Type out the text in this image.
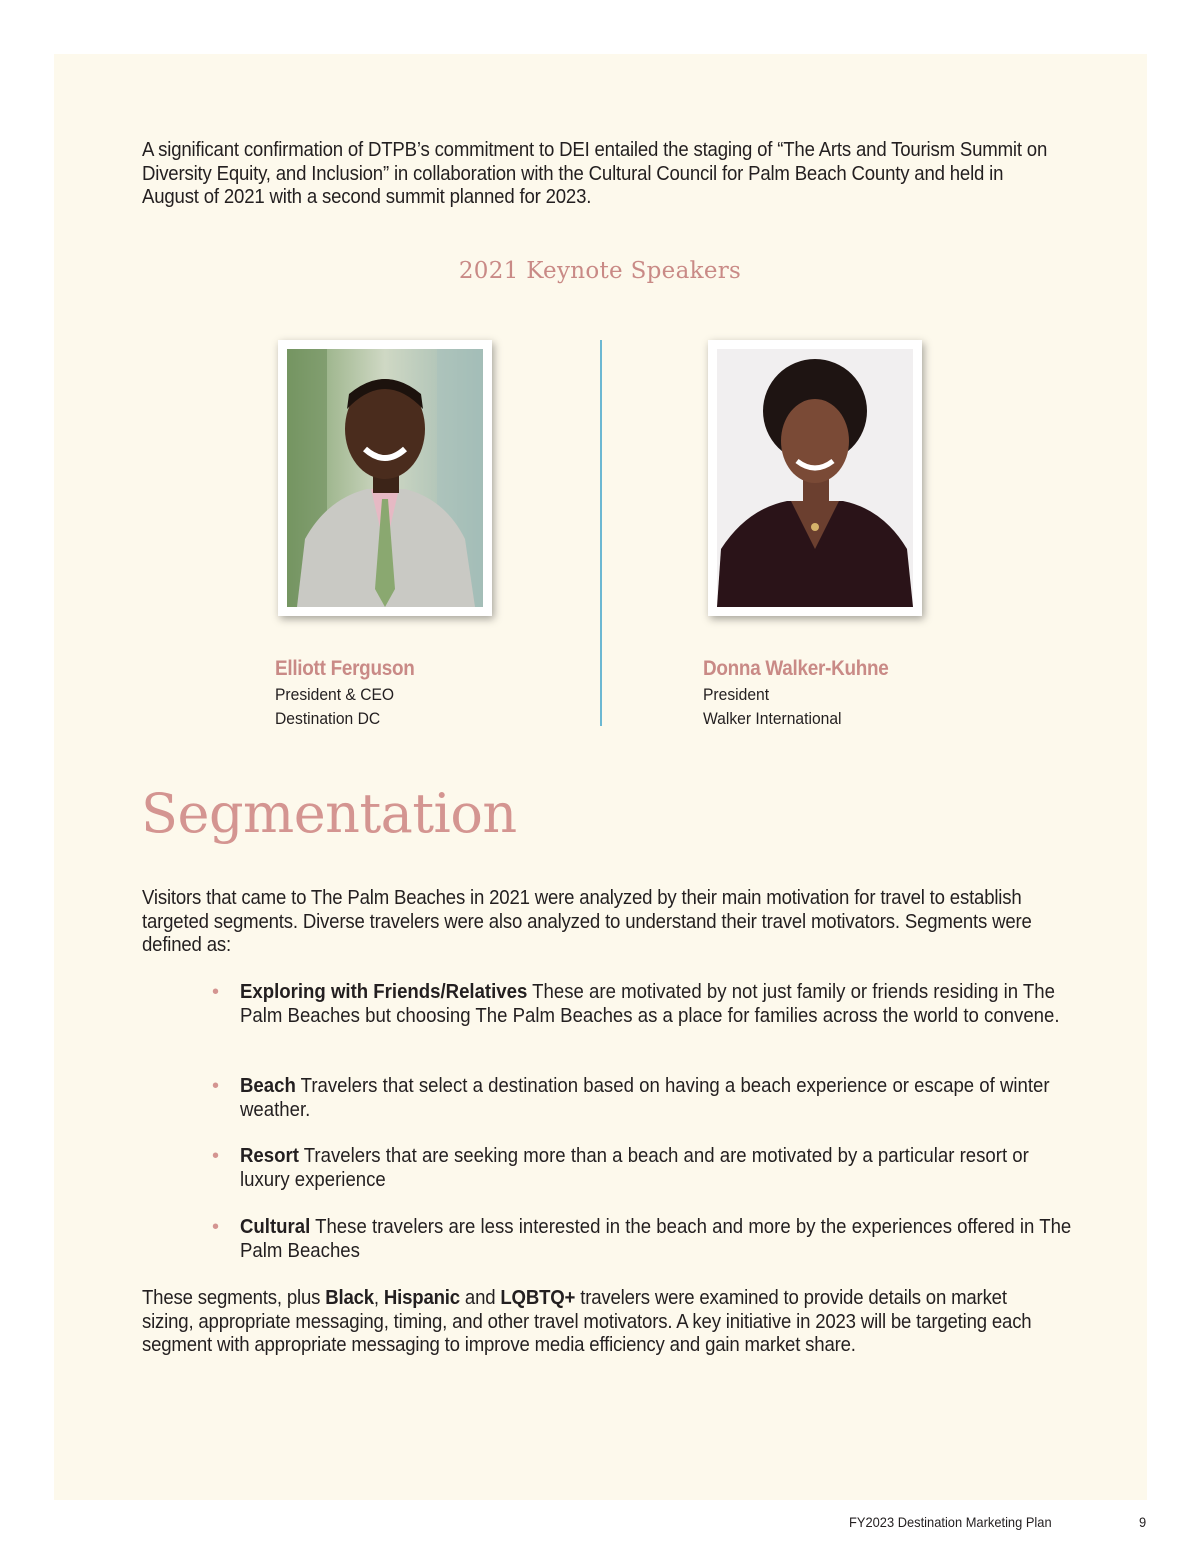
A significant confirmation of DTPB’s commitment to DEI entailed the staging of “The Arts and Tourism Summit on Diversity Equity, and Inclusion” in collaboration with the Cultural Council for Palm Beach County and held in August of 2021 with a second summit planned for 2023.
2021 Keynote Speakers
Elliott Ferguson
President & CEO
Destination DC
Donna Walker-Kuhne
President
Walker International
Segmentation
Visitors that came to The Palm Beaches in 2021 were analyzed by their main motivation for travel to establish targeted segments. Diverse travelers were also analyzed to understand their travel motivators. Segments were defined as:
• Exploring with Friends/Relatives These are motivated by not just family or friends residing in The Palm Beaches but choosing The Palm Beaches as a place for families across the world to convene.
• Beach Travelers that select a destination based on having a beach experience or escape of winter weather.
• Resort Travelers that are seeking more than a beach and are motivated by a particular resort or luxury experience
• Cultural These travelers are less interested in the beach and more by the experiences offered in The Palm Beaches
These segments, plus Black, Hispanic and LQBTQ+ travelers were examined to provide details on market sizing, appropriate messaging, timing, and other travel motivators. A key initiative in 2023 will be targeting each segment with appropriate messaging to improve media efficiency and gain market share.
FY2023 Destination Marketing Plan	9
